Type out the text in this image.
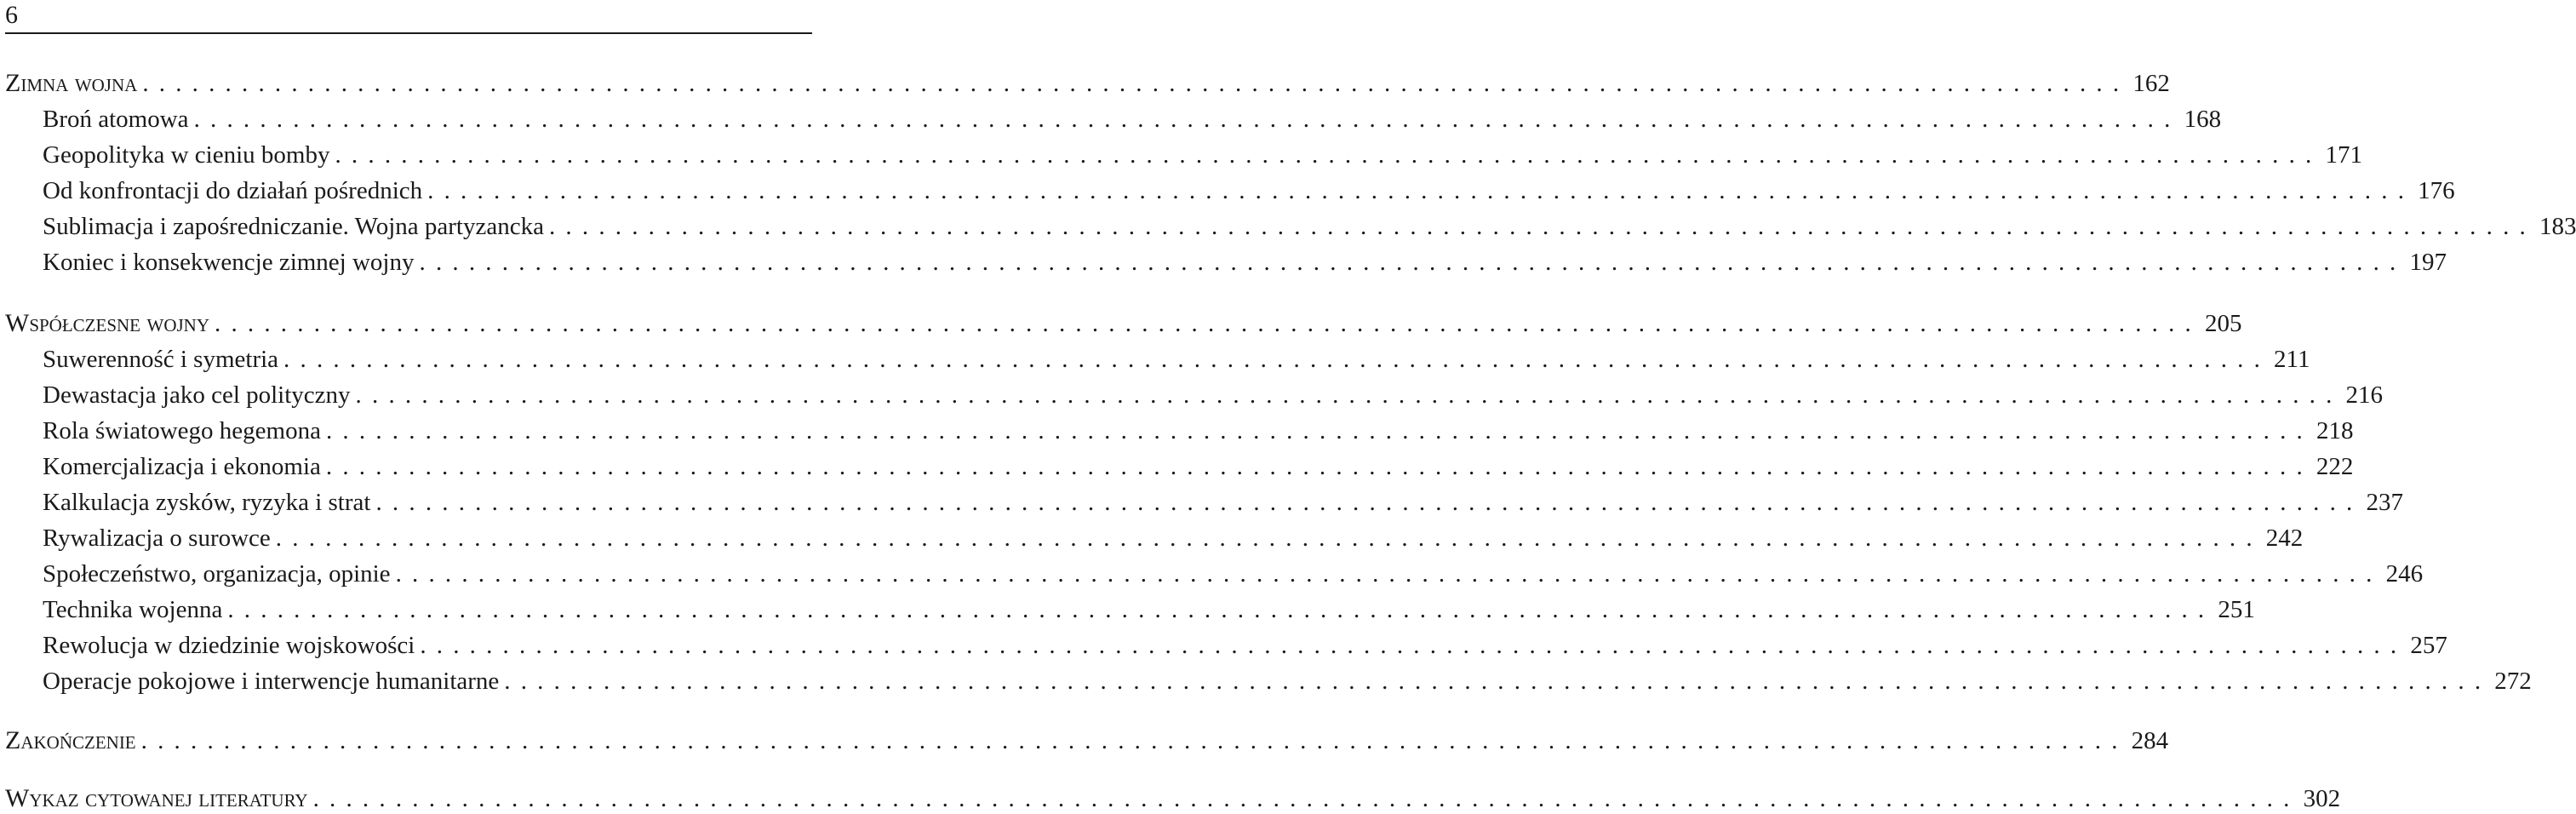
6
Zimna wojna ........................................................................................................................ 162
Broń atomowa ........................................................................................................................ 168
Geopolityka w cieniu bomby ........................................................................................................................ 171
Od konfrontacji do działań pośrednich ........................................................................................................................ 176
Sublimacja i zapośredniczanie. Wojna partyzancka ........................................................................................................................ 183
Koniec i konsekwencje zimnej wojny ........................................................................................................................ 197
Współczesne wojny ........................................................................................................................ 205
Suwerenność i symetria ........................................................................................................................ 211
Dewastacja jako cel polityczny ........................................................................................................................ 216
Rola światowego hegemona ........................................................................................................................ 218
Komercjalizacja i ekonomia ........................................................................................................................ 222
Kalkulacja zysków, ryzyka i strat ........................................................................................................................ 237
Rywalizacja o surowce ........................................................................................................................ 242
Społeczeństwo, organizacja, opinie ........................................................................................................................ 246
Technika wojenna ........................................................................................................................ 251
Rewolucja w dziedzinie wojskowości ........................................................................................................................ 257
Operacje pokojowe i interwencje humanitarne ........................................................................................................................ 272
Zakończenie ........................................................................................................................ 284
Wykaz cytowanej literatury ........................................................................................................................ 302
